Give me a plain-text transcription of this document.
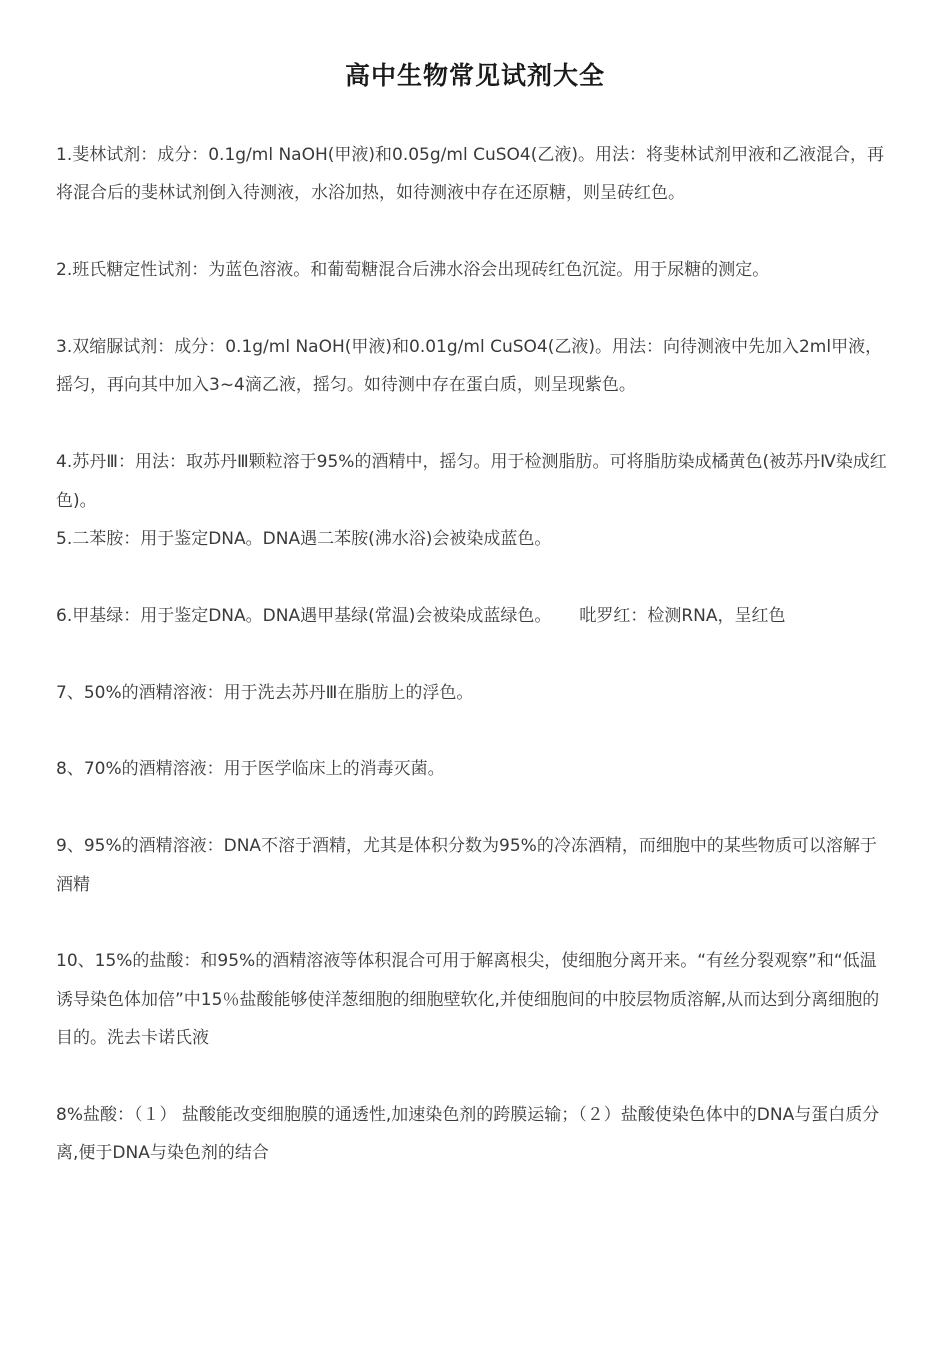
高中生物常见试剂大全

1.斐林试剂：成分：0.1g/ml NaOH(甲液)和0.05g/ml CuSO4(乙液)。用法：将斐林试剂甲液和乙液混合，再将混合后的斐林试剂倒入待测液，水浴加热，如待测液中存在还原糖，则呈砖红色。

2.班氏糖定性试剂：为蓝色溶液。和葡萄糖混合后沸水浴会出现砖红色沉淀。用于尿糖的测定。

3.双缩脲试剂：成分：0.1g/ml NaOH(甲液)和0.01g/ml CuSO4(乙液)。用法：向待测液中先加入2ml甲液，摇匀，再向其中加入3~4滴乙液，摇匀。如待测中存在蛋白质，则呈现紫色。

4.苏丹Ⅲ：用法：取苏丹Ⅲ颗粒溶于95%的酒精中，摇匀。用于检测脂肪。可将脂肪染成橘黄色(被苏丹Ⅳ染成红色)。

5.二苯胺：用于鉴定DNA。DNA遇二苯胺(沸水浴)会被染成蓝色。

6.甲基绿：用于鉴定DNA。DNA遇甲基绿(常温)会被染成蓝绿色。 吡罗红：检测RNA，呈红色

7、50%的酒精溶液：用于洗去苏丹Ⅲ在脂肪上的浮色。

8、70%的酒精溶液：用于医学临床上的消毒灭菌。

9、95%的酒精溶液：DNA不溶于酒精，尤其是体积分数为95%的冷冻酒精，而细胞中的某些物质可以溶解于酒精

10、15%的盐酸：和95%的酒精溶液等体积混合可用于解离根尖，使细胞分离开来。“有丝分裂观察”和“低温诱导染色体加倍”中15％盐酸能够使洋葱细胞的细胞壁软化,并使细胞间的中胶层物质溶解,从而达到分离细胞的目的。洗去卡诺氏液

8%盐酸：（１） 盐酸能改变细胞膜的通透性,加速染色剂的跨膜运输；（２）盐酸使染色体中的DNA与蛋白质分离,便于DNA与染色剂的结合
